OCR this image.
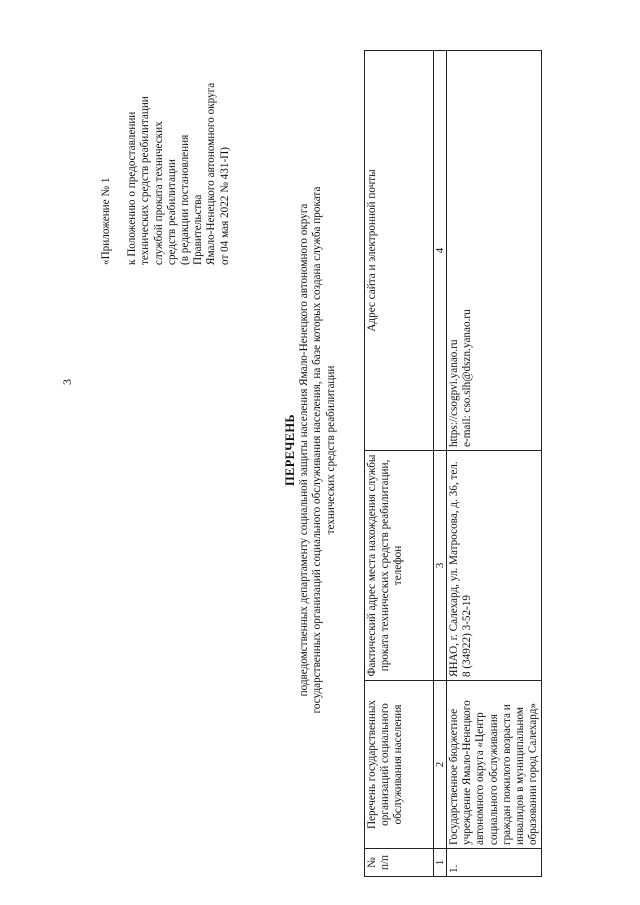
3
«Приложение № 1 к Положению о предоставлении технических средств реабилитации службой проката технических средств реабилитации (в редакции постановления Правительства Ямало-Ненецкого автономного округа от 04 мая 2022 № 431-П)
ПЕРЕЧЕНЬ подведомственных департаменту социальной защиты населения Ямало-Ненецкого автономного округа государственных организаций социального обслуживания населения, на базе которых создана служба проката технических средств реабилитации
№ п/п	Перечень государственных организаций социального обслуживания населения	Фактический адрес места нахождения службы проката технических средств реабилитации, телефон	Адрес сайта и электронной почты
1	2	3	4
1.	Государственное бюджетное учреждение Ямало-Ненецкого автономного округа «Центр социального обслуживания граждан пожилого возраста и инвалидов в муниципальном образовании город Салехард»	ЯНАО, г. Салехард, ул. Матросова, д. 36, тел. 8 (34922) 3-52-19	https://csogpvi.yanao.ru e-mail: cso.slh@dszn.yanao.ru
